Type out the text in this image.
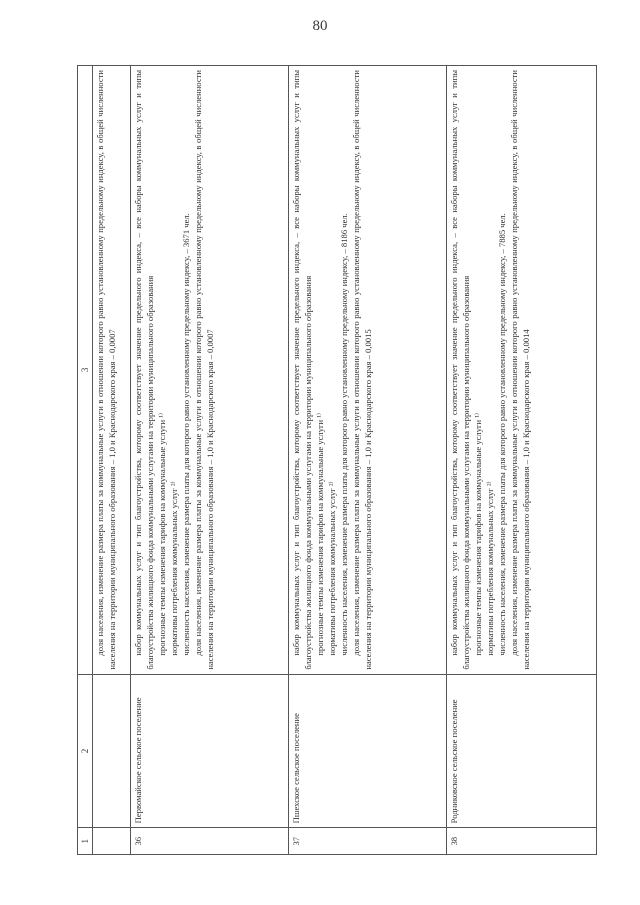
80
1	2	3

		доля населения, изменение размера платы за коммунальные услуги в отношении которого равно установленному предельному индексу, в общей численности населения на территории муниципального образования – 1,0 и Краснодарского края – 0,0007

36	Первомайское сельское поселение	набор коммунальных услуг и тип благоустройства, которому соответствует значение предельного индекса, – все наборы коммунальных услуг и типы благоустройства жилищного фонда коммунальными услугами на территории муниципального образования прогнозные темпы изменения тарифов на коммунальные услуги ¹⁾ нормативы потребления коммунальных услуг ²⁾ численность населения, изменение размера платы для которого равно установленному предельному индексу, – 3671 чел. доля населения, изменение размера платы за коммунальные услуги в отношении которого равно установленному предельному индексу, в общей численности населения на территории муниципального образования – 1,0 и Краснодарского края – 0,0007

37	Пшехское сельское поселение	набор коммунальных услуг и тип благоустройства, которому соответствует значение предельного индекса, – все наборы коммунальных услуг и типы благоустройства жилищного фонда коммунальными услугами на территории муниципального образования прогнозные темпы изменения тарифов на коммунальные услуги ¹⁾ нормативы потребления коммунальных услуг ²⁾ численность населения, изменение размера платы для которого равно установленному предельному индексу, – 8186 чел. доля населения, изменение размера платы за коммунальные услуги в отношении которого равно установленному предельному индексу, в общей численности населения на территории муниципального образования – 1,0 и Краснодарского края – 0,0015

38	Родниковское сельское поселение	набор коммунальных услуг и тип благоустройства, которому соответствует значение предельного индекса, – все наборы коммунальных услуг и типы благоустройства жилищного фонда коммунальными услугами на территории муниципального образования прогнозные темпы изменения тарифов на коммунальные услуги ¹⁾ нормативы потребления коммунальных услуг ²⁾ численность населения, изменение размера платы для которого равно установленному предельному индексу, – 7885 чел. доля населения, изменение размера платы за коммунальные услуги в отношении которого равно установленному предельному индексу, в общей численности населения на территории муниципального образования – 1,0 и Краснодарского края – 0,0014
